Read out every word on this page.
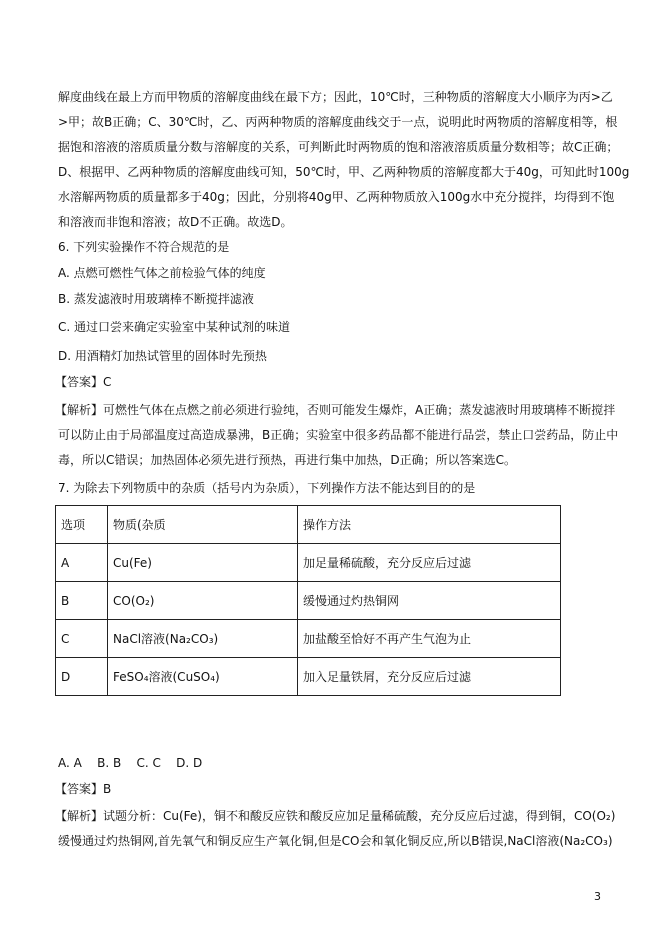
解度曲线在最上方而甲物质的溶解度曲线在最下方；因此，10℃时，三种物质的溶解度大小顺序为丙>乙
>甲；故B正确；C、30℃时，乙、丙两种物质的溶解度曲线交于一点，说明此时两物质的溶解度相等，根
据饱和溶液的溶质质量分数与溶解度的关系，可判断此时两物质的饱和溶液溶质质量分数相等；故C正确；
D、根据甲、乙两种物质的溶解度曲线可知，50℃时，甲、乙两种物质的溶解度都大于40g，可知此时100g
水溶解两物质的质量都多于40g；因此，分别将40g甲、乙两种物质放入100g水中充分搅拌，均得到不饱
和溶液而非饱和溶液；故D不正确。故选D。
6. 下列实验操作不符合规范的是
A. 点燃可燃性气体之前检验气体的纯度
B. 蒸发滤液时用玻璃棒不断搅拌滤液
C. 通过口尝来确定实验室中某种试剂的味道
D. 用酒精灯加热试管里的固体时先预热
【答案】C
【解析】可燃性气体在点燃之前必须进行验纯，否则可能发生爆炸，A正确；蒸发滤液时用玻璃棒不断搅拌
可以防止由于局部温度过高造成暴沸，B正确；实验室中很多药品都不能进行品尝，禁止口尝药品，防止中
毒，所以C错误；加热固体必须先进行预热，再进行集中加热，D正确；所以答案选C。
7. 为除去下列物质中的杂质（括号内为杂质），下列操作方法不能达到目的的是
选项	物质(杂质	操作方法
A	Cu(Fe)	加足量稀硫酸，充分反应后过滤
B	CO(O₂)	缓慢通过灼热铜网
C	NaCl溶液(Na₂CO₃)	加盐酸至恰好不再产生气泡为止
D	FeSO₄溶液(CuSO₄)	加入足量铁屑，充分反应后过滤
A. A    B. B    C. C    D. D
【答案】B
【解析】试题分析：Cu(Fe)，铜不和酸反应铁和酸反应加足量稀硫酸，充分反应后过滤，得到铜，CO(O₂)
缓慢通过灼热铜网,首先氧气和铜反应生产氧化铜,但是CO会和氧化铜反应,所以B错误,NaCl溶液(Na₂CO₃)
3
